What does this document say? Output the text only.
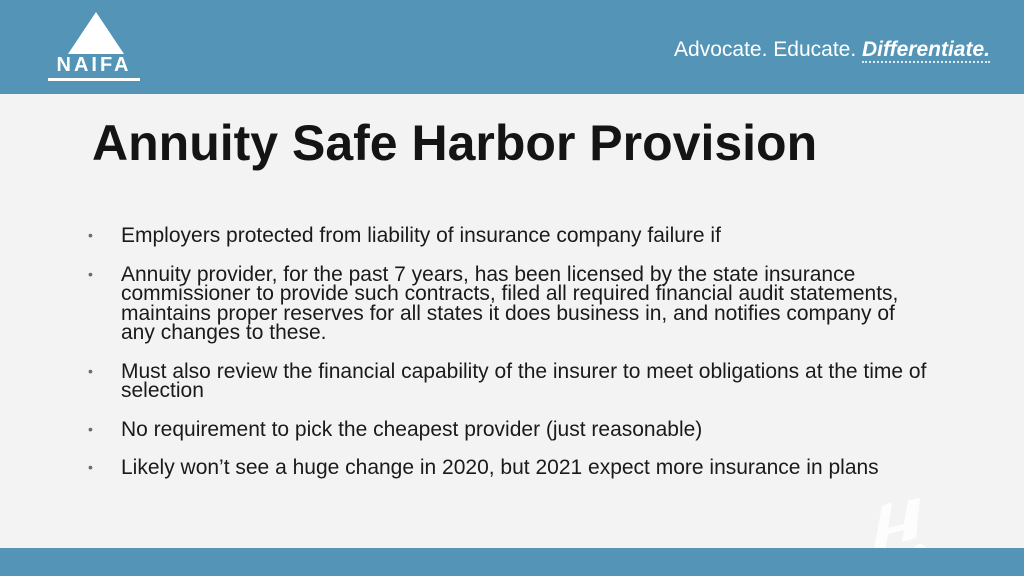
NAIFA
Advocate. Educate. Differentiate.
Annuity Safe Harbor Provision
• Employers protected from liability of insurance company failure if
• Annuity provider, for the past 7 years, has been licensed by the state insurance commissioner to provide such contracts, filed all required financial audit statements, maintains proper reserves for all states it does business in, and notifies company of any changes to these.
• Must also review the financial capability of the insurer to meet obligations at the time of selection
• No requirement to pick the cheapest provider (just reasonable)
• Likely won’t see a huge change in 2020, but 2021 expect more insurance in plans
